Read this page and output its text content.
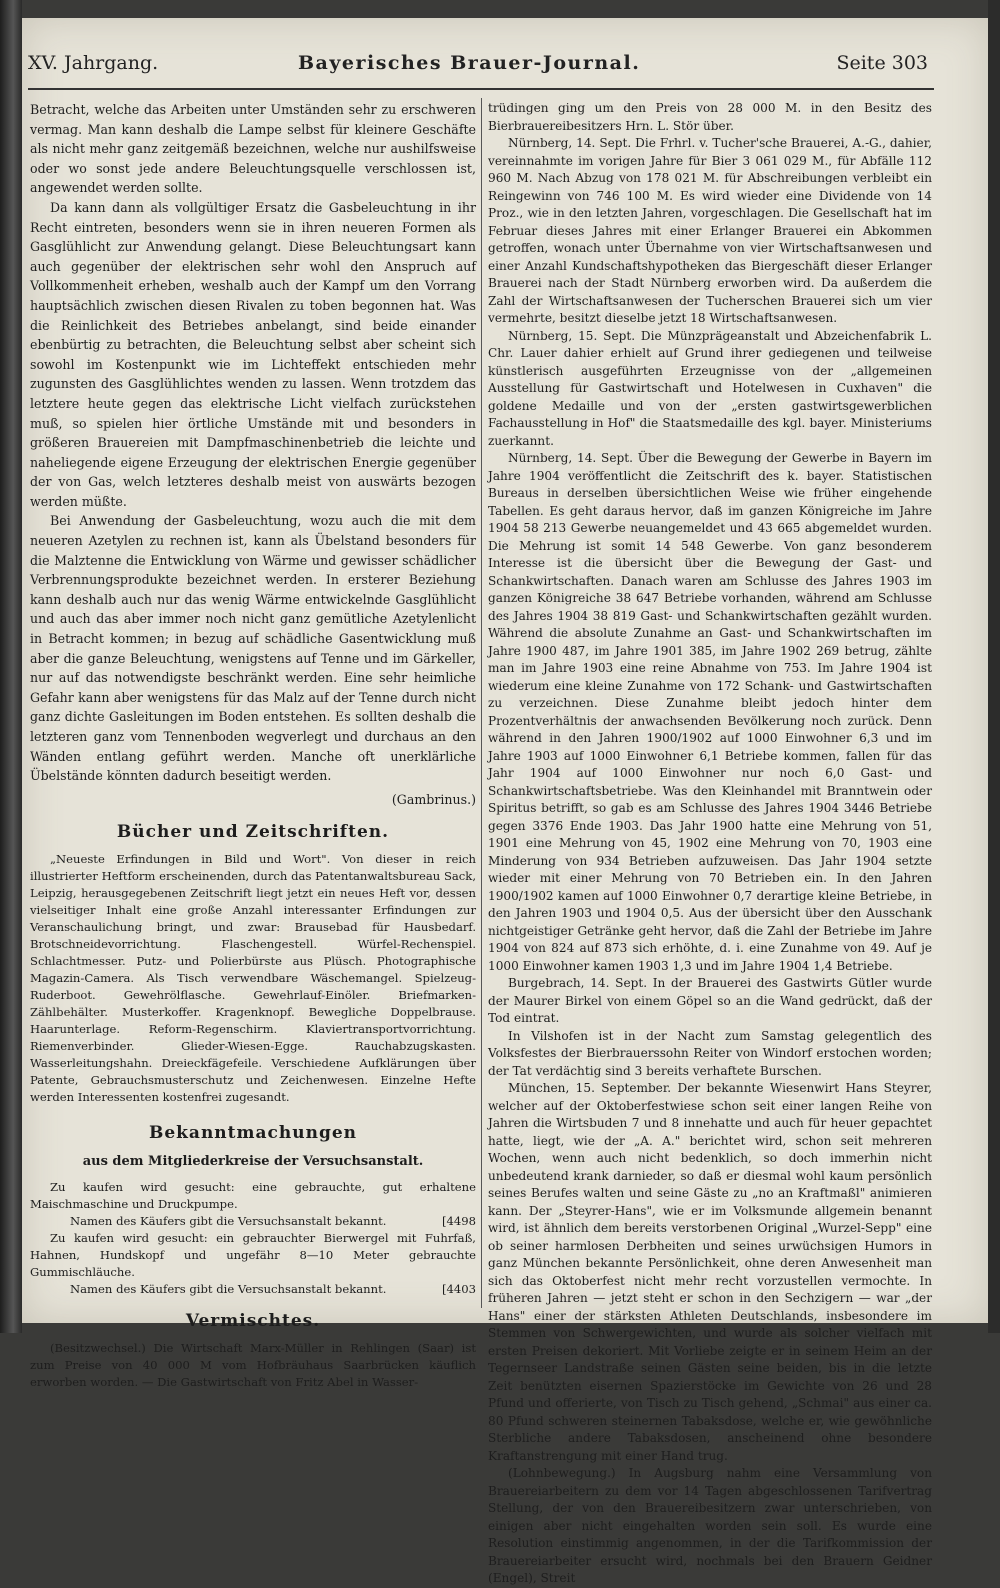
XV. Jahrgang.	Bayerisches Brauer-Journal.	Seite 303

Betracht, welche das Arbeiten unter Umständen sehr zu erschweren vermag. Man kann deshalb die Lampe selbst für kleinere Geschäfte als nicht mehr ganz zeitgemäß bezeichnen, welche nur aushilfsweise oder wo sonst jede andere Beleuchtungsquelle verschlossen ist, angewendet werden sollte.

Da kann dann als vollgültiger Ersatz die Gasbeleuchtung in ihr Recht eintreten, besonders wenn sie in ihren neueren Formen als Gasglühlicht zur Anwendung gelangt. Diese Beleuchtungsart kann auch gegenüber der elektrischen sehr wohl den Anspruch auf Vollkommenheit erheben, weshalb auch der Kampf um den Vorrang hauptsächlich zwischen diesen Rivalen zu toben begonnen hat. Was die Reinlichkeit des Betriebes anbelangt, sind beide einander ebenbürtig zu betrachten, die Beleuchtung selbst aber scheint sich sowohl im Kostenpunkt wie im Lichteffekt entschieden mehr zugunsten des Gasglühlichtes wenden zu lassen. Wenn trotzdem das letztere heute gegen das elektrische Licht vielfach zurückstehen muß, so spielen hier örtliche Umstände mit und besonders in größeren Brauereien mit Dampfmaschinenbetrieb die leichte und naheliegende eigene Erzeugung der elektrischen Energie gegenüber der von Gas, welch letzteres deshalb meist von auswärts bezogen werden müßte.

Bei Anwendung der Gasbeleuchtung, wozu auch die mit dem neueren Azetylen zu rechnen ist, kann als Übelstand besonders für die Malztenne die Entwicklung von Wärme und gewisser schädlicher Verbrennungsprodukte bezeichnet werden. In ersterer Beziehung kann deshalb auch nur das wenig Wärme entwickelnde Gasglühlicht und auch das aber immer noch nicht ganz gemütliche Azetylenlicht in Betracht kommen; in bezug auf schädliche Gasentwicklung muß aber die ganze Beleuchtung, wenigstens auf Tenne und im Gärkeller, nur auf das notwendigste beschränkt werden. Eine sehr heimliche Gefahr kann aber wenigstens für das Malz auf der Tenne durch nicht ganz dichte Gasleitungen im Boden entstehen. Es sollten deshalb die letzteren ganz vom Tennenboden wegverlegt und durchaus an den Wänden entlang geführt werden. Manche oft unerklärliche Übelstände könnten dadurch beseitigt werden.

(Gambrinus.)

Bücher und Zeitschriften.

„Neueste Erfindungen in Bild und Wort". Von dieser in reich illustrierter Heftform erscheinenden, durch das Patentanwaltsbureau Sack, Leipzig, herausgegebenen Zeitschrift liegt jetzt ein neues Heft vor, dessen vielseitiger Inhalt eine große Anzahl interessanter Erfindungen zur Veranschaulichung bringt, und zwar: Brausebad für Hausbedarf. Brotschneidevorrichtung. Flaschengestell. Würfel-Rechenspiel. Schlachtmesser. Putz- und Polierbürste aus Plüsch. Photographische Magazin-Camera. Als Tisch verwendbare Wäschemangel. Spielzeug-Ruderboot. Gewehrölflasche. Gewehrlauf-Einöler. Briefmarken-Zählbehälter. Musterkoffer. Kragenknopf. Bewegliche Doppelbrause. Haarunterlage. Reform-Regenschirm. Klaviertransportvorrichtung. Riemenverbinder. Glieder-Wiesen-Egge. Rauchabzugskasten. Wasserleitungshahn. Dreieckfägefeile. Verschiedene Aufklärungen über Patente, Gebrauchsmusterschutz und Zeichenwesen. Einzelne Hefte werden Interessenten kostenfrei zugesandt.

Bekanntmachungen
aus dem Mitgliederkreise der Versuchsanstalt.

Zu kaufen wird gesucht: eine gebrauchte, gut erhaltene Maischmaschine und Druckpumpe.

Namen des Käufers gibt die Versuchsanstalt bekannt.	[4498

Zu kaufen wird gesucht: ein gebrauchter Bierwergel mit Fuhrfaß, Hahnen, Hundskopf und ungefähr 8—10 Meter gebrauchte Gummischläuche.

Namen des Käufers gibt die Versuchsanstalt bekannt.	[4403
Vermischtes.

(Besitzwechsel.) Die Wirtschaft Marx-Müller in Rehlingen (Saar) ist zum Preise von 40 000 M vom Hofbräuhaus Saarbrücken käuflich erworben worden. — Die Gastwirtschaft von Fritz Abel in Wasser-

trüdingen ging um den Preis von 28 000 M. in den Besitz des Bierbrauereibesitzers Hrn. L. Stör über.

Nürnberg, 14. Sept. Die Frhrl. v. Tucher'sche Brauerei, A.-G., dahier, vereinnahmte im vorigen Jahre für Bier 3 061 029 M., für Abfälle 112 960 M. Nach Abzug von 178 021 M. für Abschreibungen verbleibt ein Reingewinn von 746 100 M. Es wird wieder eine Dividende von 14 Proz., wie in den letzten Jahren, vorgeschlagen. Die Gesellschaft hat im Februar dieses Jahres mit einer Erlanger Brauerei ein Abkommen getroffen, wonach unter Übernahme von vier Wirtschaftsanwesen und einer Anzahl Kundschaftshypotheken das Biergeschäft dieser Erlanger Brauerei nach der Stadt Nürnberg erworben wird. Da außerdem die Zahl der Wirtschaftsanwesen der Tucherschen Brauerei sich um vier vermehrte, besitzt dieselbe jetzt 18 Wirtschaftsanwesen.

Nürnberg, 15. Sept. Die Münzprägeanstalt und Abzeichenfabrik L. Chr. Lauer dahier erhielt auf Grund ihrer gediegenen und teilweise künstlerisch ausgeführten Erzeugnisse von der „allgemeinen Ausstellung für Gastwirtschaft und Hotelwesen in Cuxhaven" die goldene Medaille und von der „ersten gastwirtsgewerblichen Fachausstellung in Hof" die Staatsmedaille des kgl. bayer. Ministeriums zuerkannt.

Nürnberg, 14. Sept. Über die Bewegung der Gewerbe in Bayern im Jahre 1904 veröffentlicht die Zeitschrift des k. bayer. Statistischen Bureaus in derselben übersichtlichen Weise wie früher eingehende Tabellen. Es geht daraus hervor, daß im ganzen Königreiche im Jahre 1904 58 213 Gewerbe neuangemeldet und 43 665 abgemeldet wurden. Die Mehrung ist somit 14 548 Gewerbe. Von ganz besonderem Interesse ist die übersicht über die Bewegung der Gast- und Schankwirtschaften. Danach waren am Schlusse des Jahres 1903 im ganzen Königreiche 38 647 Betriebe vorhanden, während am Schlusse des Jahres 1904 38 819 Gast- und Schankwirtschaften gezählt wurden. Während die absolute Zunahme an Gast- und Schankwirtschaften im Jahre 1900 487, im Jahre 1901 385, im Jahre 1902 269 betrug, zählte man im Jahre 1903 eine reine Abnahme von 753. Im Jahre 1904 ist wiederum eine kleine Zunahme von 172 Schank- und Gastwirtschaften zu verzeichnen. Diese Zunahme bleibt jedoch hinter dem Prozentverhältnis der anwachsenden Bevölkerung noch zurück. Denn während in den Jahren 1900/1902 auf 1000 Einwohner 6,3 und im Jahre 1903 auf 1000 Einwohner 6,1 Betriebe kommen, fallen für das Jahr 1904 auf 1000 Einwohner nur noch 6,0 Gast- und Schankwirtschaftsbetriebe. Was den Kleinhandel mit Branntwein oder Spiritus betrifft, so gab es am Schlusse des Jahres 1904 3446 Betriebe gegen 3376 Ende 1903. Das Jahr 1900 hatte eine Mehrung von 51, 1901 eine Mehrung von 45, 1902 eine Mehrung von 70, 1903 eine Minderung von 934 Betrieben aufzuweisen. Das Jahr 1904 setzte wieder mit einer Mehrung von 70 Betrieben ein. In den Jahren 1900/1902 kamen auf 1000 Einwohner 0,7 derartige kleine Betriebe, in den Jahren 1903 und 1904 0,5. Aus der übersicht über den Ausschank nichtgeistiger Getränke geht hervor, daß die Zahl der Betriebe im Jahre 1904 von 824 auf 873 sich erhöhte, d. i. eine Zunahme von 49. Auf je 1000 Einwohner kamen 1903 1,3 und im Jahre 1904 1,4 Betriebe.

Burgebrach, 14. Sept. In der Brauerei des Gastwirts Gütler wurde der Maurer Birkel von einem Göpel so an die Wand gedrückt, daß der Tod eintrat.

In Vilshofen ist in der Nacht zum Samstag gelegentlich des Volksfestes der Bierbrauerssohn Reiter von Windorf erstochen worden; der Tat verdächtig sind 3 bereits verhaftete Burschen.

München, 15. September. Der bekannte Wiesenwirt Hans Steyrer, welcher auf der Oktoberfestwiese schon seit einer langen Reihe von Jahren die Wirtsbuden 7 und 8 innehatte und auch für heuer gepachtet hatte, liegt, wie der „A. A." berichtet wird, schon seit mehreren Wochen, wenn auch nicht bedenklich, so doch immerhin nicht unbedeutend krank darnieder, so daß er diesmal wohl kaum persönlich seines Berufes walten und seine Gäste zu „no an Kraftmaßl" animieren kann. Der „Steyrer-Hans", wie er im Volksmunde allgemein benannt wird, ist ähnlich dem bereits verstorbenen Original „Wurzel-Sepp" eine ob seiner harmlosen Derbheiten und seines urwüchsigen Humors in ganz München bekannte Persönlichkeit, ohne deren Anwesenheit man sich das Oktoberfest nicht mehr recht vorzustellen vermochte. In früheren Jahren — jetzt steht er schon in den Sechzigern — war „der Hans" einer der stärksten Athleten Deutschlands, insbesondere im Stemmen von Schwergewichten, und wurde als solcher vielfach mit ersten Preisen dekoriert. Mit Vorliebe zeigte er in seinem Heim an der Tegernseer Landstraße seinen Gästen seine beiden, bis in die letzte Zeit benützten eisernen Spazierstöcke im Gewichte von 26 und 28 Pfund und offerierte, von Tisch zu Tisch gehend, „Schmai" aus einer ca. 80 Pfund schweren steinernen Tabaksdose, welche er, wie gewöhnliche Sterbliche andere Tabaksdosen, anscheinend ohne besondere Kraftanstrengung mit einer Hand trug.

(Lohnbewegung.) In Augsburg nahm eine Versammlung von Brauereiarbeitern zu dem vor 14 Tagen abgeschlossenen Tarifvertrag Stellung, der von den Brauereibesitzern zwar unterschrieben, von einigen aber nicht eingehalten worden sein soll. Es wurde eine Resolution einstimmig angenommen, in der die Tarifkommission der Brauereiarbeiter ersucht wird, nochmals bei den Brauern Geidner (Engel), Streit
